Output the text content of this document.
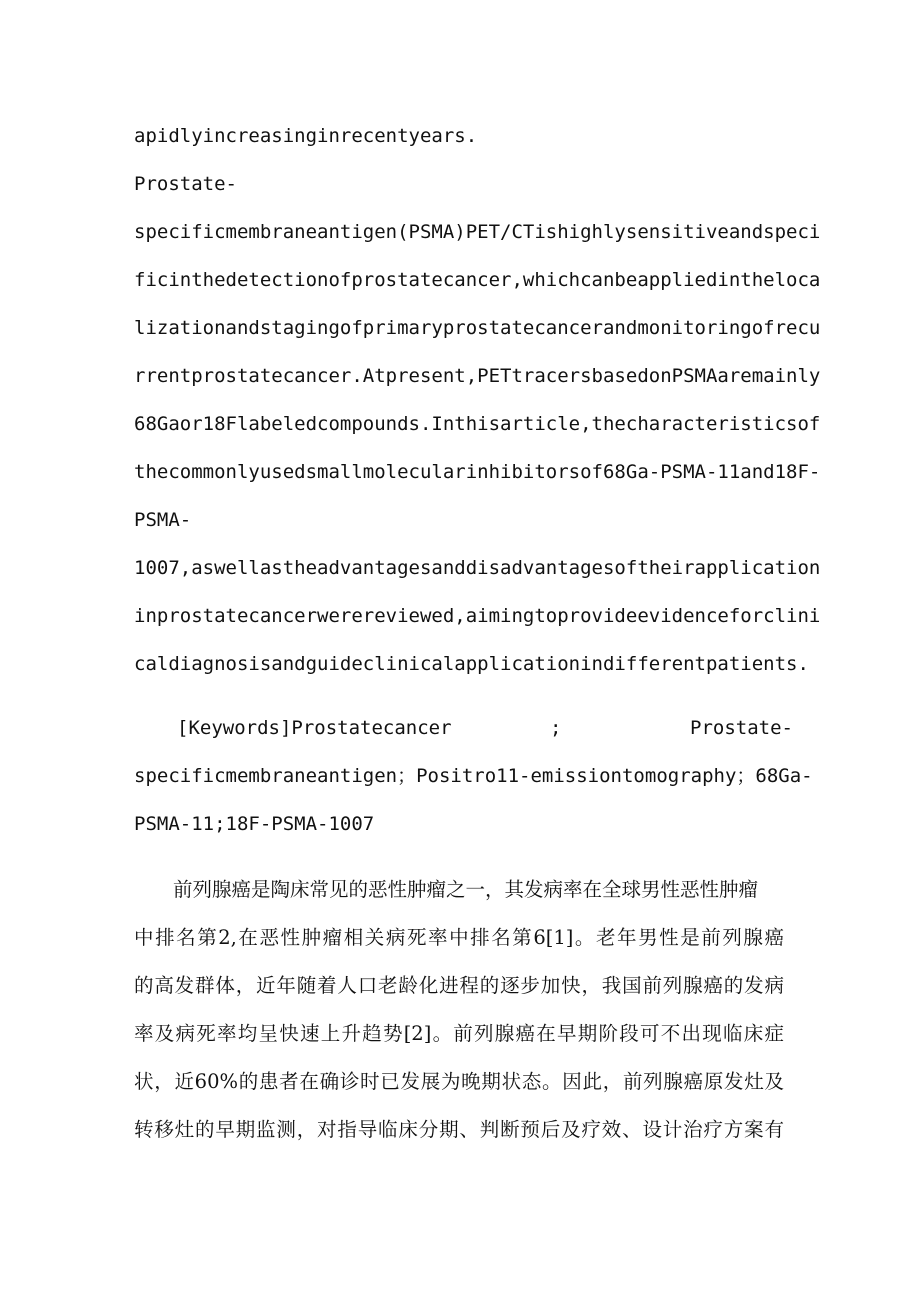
apidlyincreasinginrecentyears.
Prostate-
specificmembraneantigen(PSMA)PET/CTishighlysensitiveandspeci
ficinthedetectionofprostatecancer,whichcanbeappliedintheloca
lizationandstagingofprimaryprostatecancerandmonitoringofrecu
rrentprostatecancer.Atpresent,PETtracersbasedonPSMAaremainly
68Gaor18Flabeledcompounds.Inthisarticle,thecharacteristicsof
thecommonlyusedsmallmolecularinhibitorsof68Ga-PSMA-11and18F-
PSMA-
1007,aswellastheadvantagesanddisadvantagesoftheirapplication
inprostatecancerwerereviewed,aimingtoprovideevidenceforclini
caldiagnosisandguideclinicalapplicationindifferentpatients.
[Keywords]Prostatecancer	;	Prostate-
specificmembraneantigen；Positro11-emissiontomography；68Ga-
PSMA-11;18F-PSMA-1007
前列腺癌是陶床常见的恶性肿瘤之一，其发病率在全球男性恶性肿瘤
中排名第2,在恶性肿瘤相关病死率中排名第6[1]。老年男性是前列腺癌
的高发群体，近年随着人口老龄化进程的逐步加快，我国前列腺癌的发病
率及病死率均呈快速上升趋势[2]。前列腺癌在早期阶段可不出现临床症
状，近60%的患者在确诊时已发展为晚期状态。因此，前列腺癌原发灶及
转移灶的早期监测，对指导临床分期、判断预后及疗效、设计治疗方案有
